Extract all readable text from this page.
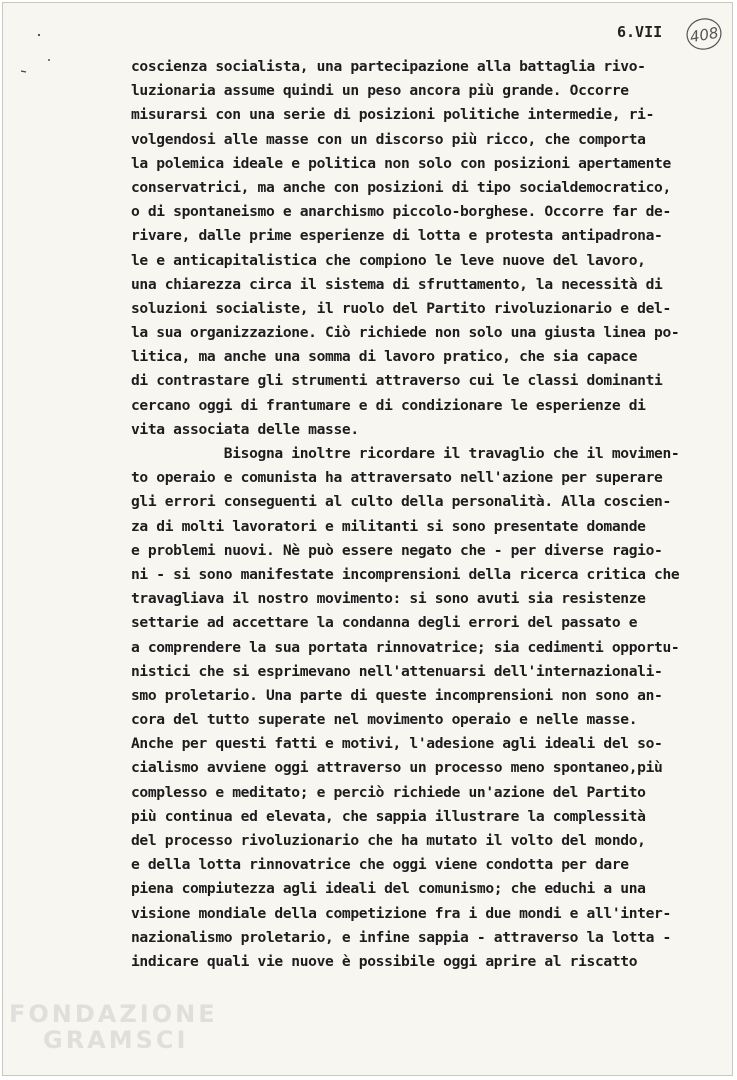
6.VII 408
coscienza socialista, una partecipazione alla battaglia rivo-
luzionaria assume quindi un peso ancora più grande. Occorre
misurarsi con una serie di posizioni politiche intermedie, ri-
volgendosi alle masse con un discorso più ricco, che comporta
la polemica ideale e politica non solo con posizioni apertamente
conservatrici, ma anche con posizioni di tipo socialdemocratico,
o di spontaneismo e anarchismo piccolo-borghese. Occorre far de-
rivare, dalle prime esperienze di lotta e protesta antipadrona-
le e anticapitalistica che compiono le leve nuove del lavoro,
una chiarezza circa il sistema di sfruttamento, la necessità di
soluzioni socialiste, il ruolo del Partito rivoluzionario e del-
la sua organizzazione. Ciò richiede non solo una giusta linea po-
litica, ma anche una somma di lavoro pratico, che sia capace
di contrastare gli strumenti attraverso cui le classi dominanti
cercano oggi di frantumare e di condizionare le esperienze di
vita associata delle masse.
Bisogna inoltre ricordare il travaglio che il movimen-
to operaio e comunista ha attraversato nell'azione per superare
gli errori conseguenti al culto della personalità. Alla coscien-
za di molti lavoratori e militanti si sono presentate domande
e problemi nuovi. Nè può essere negato che - per diverse ragio-
ni - si sono manifestate incomprensioni della ricerca critica che
travagliava il nostro movimento: si sono avuti sia resistenze
settarie ad accettare la condanna degli errori del passato e
a comprendere la sua portata rinnovatrice; sia cedimenti opportu-
nistici che si esprimevano nell'attenuarsi dell'internazionali-
smo proletario. Una parte di queste incomprensioni non sono an-
cora del tutto superate nel movimento operaio e nelle masse.
Anche per questi fatti e motivi, l'adesione agli ideali del so-
cialismo avviene oggi attraverso un processo meno spontaneo,più
complesso e meditato; e perciò richiede un'azione del Partito
più continua ed elevata, che sappia illustrare la complessità
del processo rivoluzionario che ha mutato il volto del mondo,
e della lotta rinnovatrice che oggi viene condotta per dare
piena compiutezza agli ideali del comunismo; che educhi a una
visione mondiale della competizione fra i due mondi e all'inter-
nazionalismo proletario, e infine sappia - attraverso la lotta -
indicare quali vie nuove è possibile oggi aprire al riscatto
FONDAZIONE
GRAMSCI
